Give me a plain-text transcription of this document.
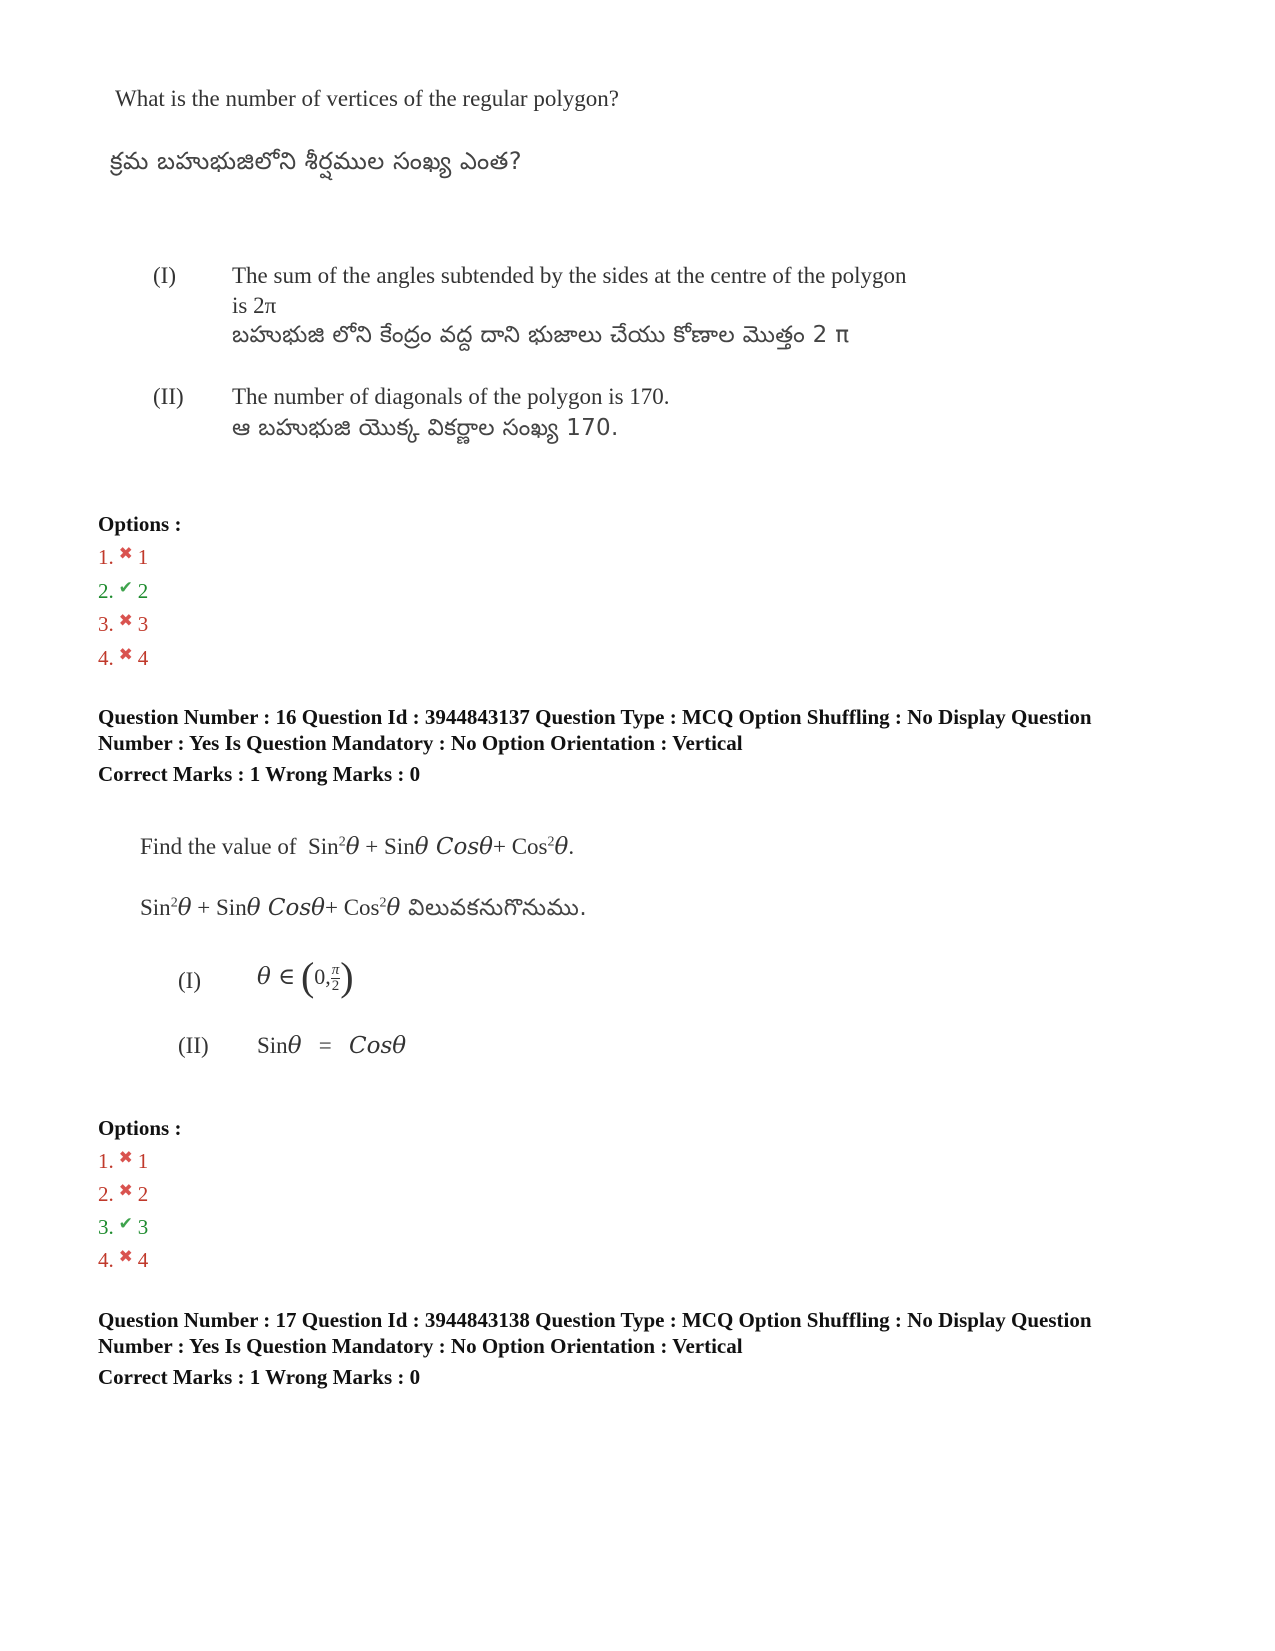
What is the number of vertices of the regular polygon?
క్రమ బహుభుజిలోని శీర్షముల సంఖ్య ఎంత?
(I) The sum of the angles subtended by the sides at the centre of the polygon
is 2π
బహుభుజి లోని కేంద్రం వద్ద దాని భుజాలు చేయు కోణాల మొత్తం 2 π
(II) The number of diagonals of the polygon is 170.
ఆ బహుభుజి యొక్క వికర్ణాల సంఖ్య 170.
Options :
1. ✖ 1
2. ✔ 2
3. ✖ 3
4. ✖ 4
Question Number : 16 Question Id : 3944843137 Question Type : MCQ Option Shuffling : No Display Question
Number : Yes Is Question Mandatory : No Option Orientation : Vertical
Correct Marks : 1 Wrong Marks : 0
Find the value of Sin$^2$θ + Sinθ Cosθ+ Cos$^2$θ.
Sin$^2$θ + Sinθ Cosθ+ Cos$^2$θ విలువకనుగొనుము.
(I) θ ∈ (0, $\frac{\pi}{2}$ )
(II) Sinθ = Cosθ
Options :
1. ✖ 1
2. ✖ 2
3. ✔ 3
4. ✖ 4
Question Number : 17 Question Id : 3944843138 Question Type : MCQ Option Shuffling : No Display Question
Number : Yes Is Question Mandatory : No Option Orientation : Vertical
Correct Marks : 1 Wrong Marks : 0
